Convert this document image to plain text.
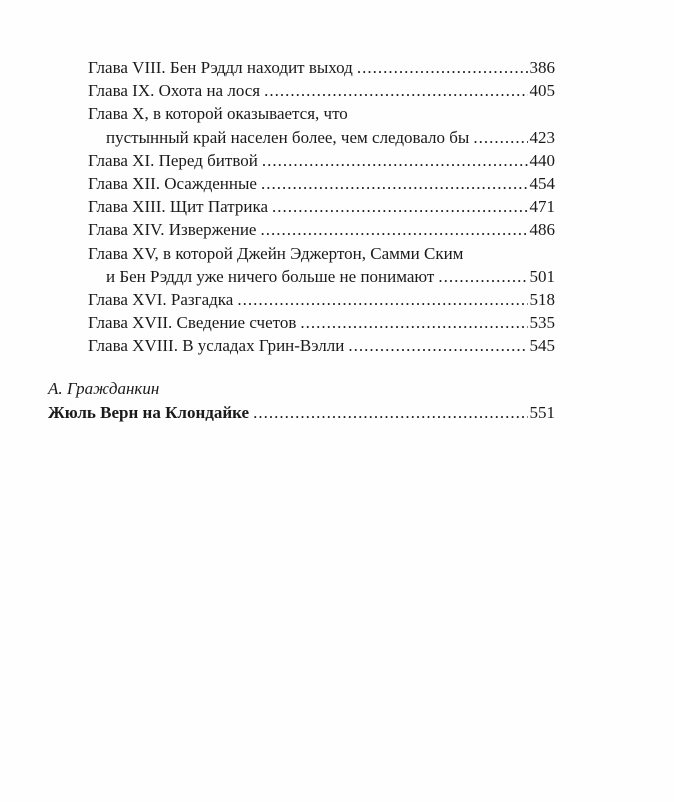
Глава VIII. Бен Рэддл находит выход .....	386
Глава IX. Охота на лося .....	405
Глава X, в которой оказывается, что
пустынный край населен более, чем следовало бы .....	423
Глава XI. Перед битвой .....	440
Глава XII. Осажденные .....	454
Глава XIII. Щит Патрика .....	471
Глава XIV. Извержение .....	486
Глава XV, в которой Джейн Эджертон, Самми Ским
и Бен Рэддл уже ничего больше не понимают .....	501
Глава XVI. Разгадка .....	518
Глава XVII. Сведение счетов .....	535
Глава XVIII. В усладах Грин-Вэлли .....	545
А. Гражданкин
Жюль Верн на Клондайке .....	551
